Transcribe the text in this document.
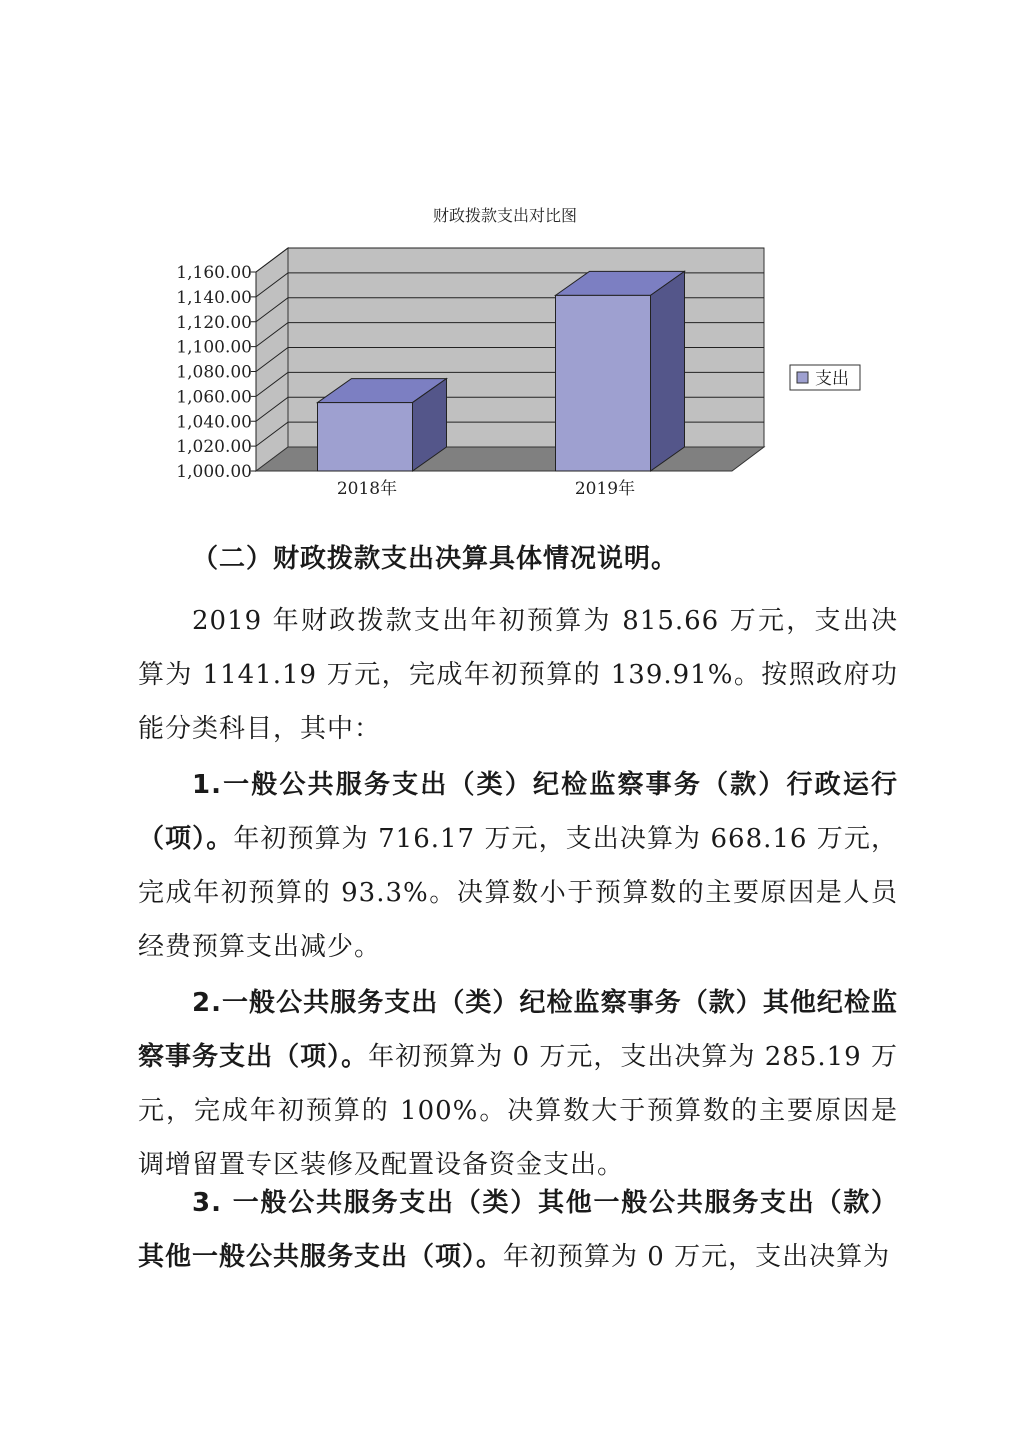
财政拨款支出对比图
1,000.00
1,020.00
1,040.00
1,060.00
1,080.00
1,100.00
1,120.00
1,140.00
1,160.00
2018年	2019年
支出

（二）财政拨款支出决算具体情况说明。

2019 年财政拨款支出年初预算为 815.66 万元，支出决算为 1141.19 万元，完成年初预算的 139.91%。按照政府功能分类科目，其中：

1.一般公共服务支出（类）纪检监察事务（款）行政运行（项）。年初预算为 716.17 万元，支出决算为 668.16 万元，完成年初预算的 93.3%。决算数小于预算数的主要原因是人员经费预算支出减少。

2.一般公共服务支出（类）纪检监察事务（款）其他纪检监察事务支出（项）。年初预算为 0 万元，支出决算为 285.19 万元，完成年初预算的 100%。决算数大于预算数的主要原因是调增留置专区装修及配置设备资金支出。

3. 一般公共服务支出（类）其他一般公共服务支出（款）其他一般公共服务支出（项）。年初预算为 0 万元，支出决算为
